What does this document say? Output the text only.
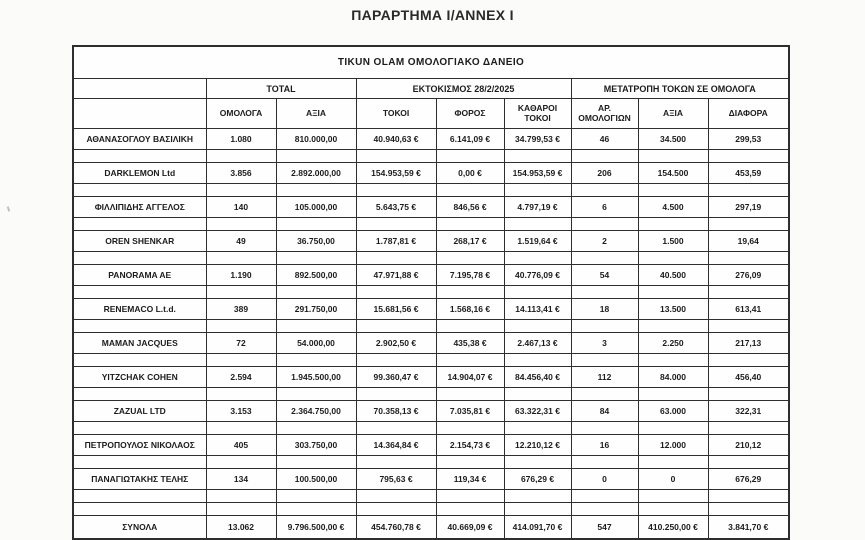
ΠΑΡΑΡΤΗΜΑ I/ANNEX I
TIKUN OLAM ΟΜΟΛΟΓΙΑΚΟ ΔΑΝΕΙΟ								
	TOTAL		ΕΚΤΟΚΙΣΜΟΣ 28/2/2025			ΜΕΤΑΤΡΟΠΗ ΤΟΚΩΝ ΣΕ ΟΜΟΛΟΓΑ		
	ΟΜΟΛΟΓΑ	ΑΞΙΑ	ΤΟΚΟΙ	ΦΟΡΟΣ	ΚΑΘΑΡΟΙ ΤΟΚΟΙ	ΑΡ. ΟΜΟΛΟΓΙΩΝ	ΑΞΙΑ	ΔΙΑΦΟΡΑ
ΑΘΑΝΑΣΟΓΛΟΥ ΒΑΣΙΛΙΚΗ	1.080	810.000,00	40.940,63 €	6.141,09 €	34.799,53 €	46	34.500	299,53

DARKLEMON Ltd	3.856	2.892.000,00	154.953,59 €	0,00 €	154.953,59 €	206	154.500	453,59

ΦΙΛΛΙΠΙΔΗΣ ΑΓΓΕΛΟΣ	140	105.000,00	5.643,75 €	846,56 €	4.797,19 €	6	4.500	297,19

OREN SHENKAR	49	36.750,00	1.787,81 €	268,17 €	1.519,64 €	2	1.500	19,64

PANORAMA AE	1.190	892.500,00	47.971,88 €	7.195,78 €	40.776,09 €	54	40.500	276,09

RENEMACO L.t.d.	389	291.750,00	15.681,56 €	1.568,16 €	14.113,41 €	18	13.500	613,41

MAMAN JACQUES	72	54.000,00	2.902,50 €	435,38 €	2.467,13 €	3	2.250	217,13

YITZCHAK COHEN	2.594	1.945.500,00	99.360,47 €	14.904,07 €	84.456,40 €	112	84.000	456,40

ZAZUAL LTD	3.153	2.364.750,00	70.358,13 €	7.035,81 €	63.322,31 €	84	63.000	322,31

ΠΕΤΡΟΠΟΥΛΟΣ ΝΙΚΟΛΑΟΣ	405	303.750,00	14.364,84 €	2.154,73 €	12.210,12 €	16	12.000	210,12

ΠΑΝΑΓΙΩΤΑΚΗΣ ΤΕΛΗΣ	134	100.500,00	795,63 €	119,34 €	676,29 €	0	0	676,29

ΣΥΝΟΛΑ	13.062	9.796.500,00 €	454.760,78 €	40.669,09 €	414.091,70 €	547	410.250,00 €	3.841,70 €
